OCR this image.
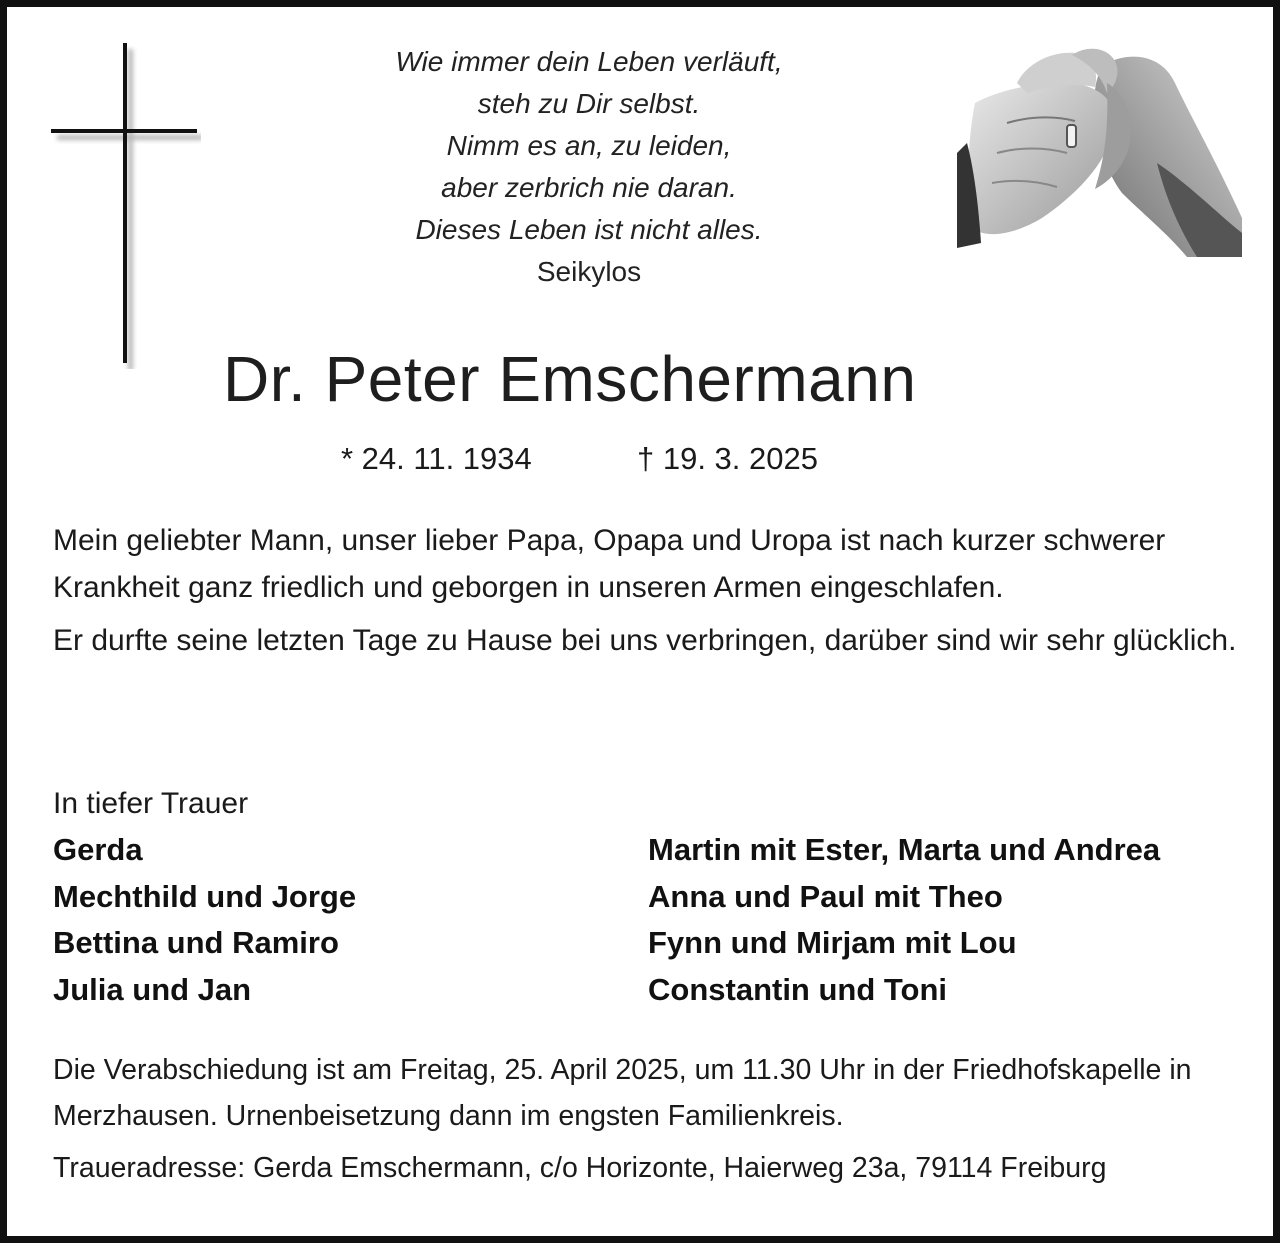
Wie immer dein Leben verläuft,
steh zu Dir selbst.
Nimm es an, zu leiden,
aber zerbrich nie daran.
Dieses Leben ist nicht alles.
Seikylos
Dr. Peter Emschermann
* 24. 11. 1934	† 19. 3. 2025

Mein geliebter Mann, unser lieber Papa, Opapa und Uropa ist nach kurzer schwerer Krankheit ganz friedlich und geborgen in unseren Armen eingeschlafen.

Er durfte seine letzten Tage zu Hause bei uns verbringen, darüber sind wir sehr glücklich.

In tiefer Trauer
Gerda
Mechthild und Jorge
Bettina und Ramiro
Julia und Jan
Martin mit Ester, Marta und Andrea
Anna und Paul mit Theo
Fynn und Mirjam mit Lou
Constantin und Toni
Die Verabschiedung ist am Freitag, 25. April 2025, um 11.30 Uhr in der Friedhofskapelle in Merzhausen. Urnenbeisetzung dann im engsten Familienkreis.
Traueradresse: Gerda Emschermann, c/o Horizonte, Haierweg 23a, 79114 Freiburg
